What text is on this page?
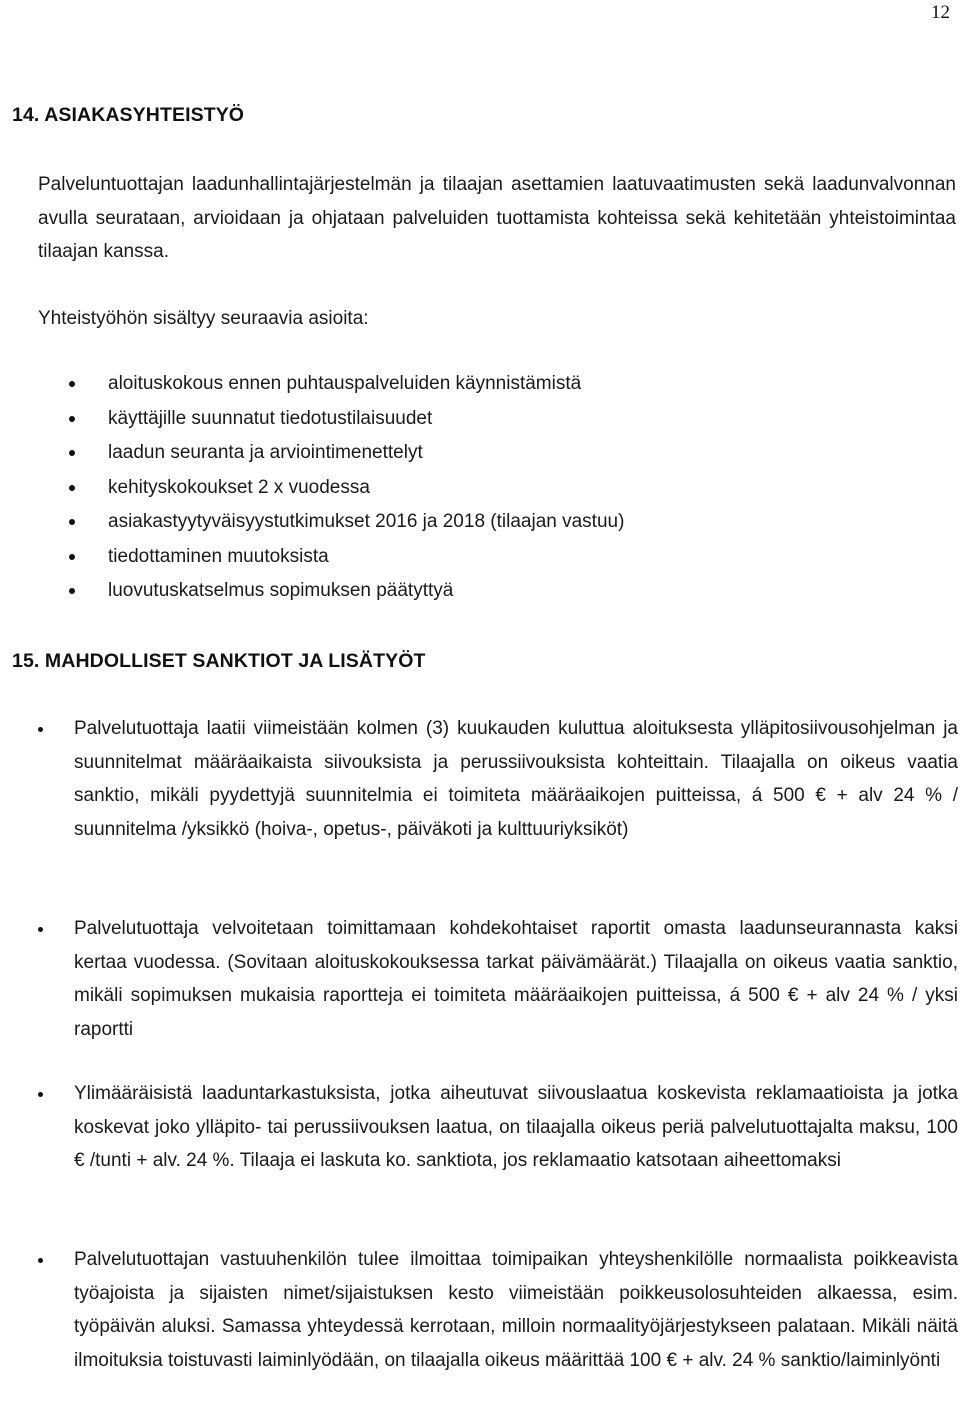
12
14. ASIAKASYHTEISTYÖ
Palveluntuottajan laadunhallintajärjestelmän ja tilaajan asettamien laatuvaatimusten sekä laadunvalvonnan avulla seurataan, arvioidaan ja ohjataan palveluiden tuottamista kohteissa sekä kehitetään yhteistoimintaa tilaajan kanssa.
Yhteistyöhön sisältyy seuraavia asioita:
aloituskokous ennen puhtauspalveluiden käynnistämistä
käyttäjille suunnatut tiedotustilaisuudet
laadun seuranta ja arviointimenettelyt
kehityskokoukset 2 x vuodessa
asiakastyytyväisyystutkimukset 2016 ja 2018 (tilaajan vastuu)
tiedottaminen muutoksista
luovutuskatselmus sopimuksen päätyttyä
15. MAHDOLLISET SANKTIOT JA LISÄTYÖT
Palvelutuottaja laatii viimeistään kolmen (3) kuukauden kuluttua aloituksesta ylläpitosiivousohjelman ja suunnitelmat määräaikaista siivouksista ja perussiivouksista kohteittain. Tilaajalla on oikeus vaatia sanktio, mikäli pyydettyjä suunnitelmia ei toimiteta määräaikojen puitteissa, á 500 € + alv 24 % / suunnitelma /yksikkö (hoiva-, opetus-, päiväkoti ja kulttuuriyksiköt)
Palvelutuottaja velvoitetaan toimittamaan kohdekohtaiset raportit omasta laadunseurannasta kaksi kertaa vuodessa. (Sovitaan aloituskokouksessa tarkat päivämäärät.) Tilaajalla on oikeus vaatia sanktio, mikäli sopimuksen mukaisia raportteja ei toimiteta määräaikojen puitteissa, á 500 € + alv 24 % / yksi raportti
Ylimääräisistä laaduntarkastuksista, jotka aiheutuvat siivouslaatua koskevista reklamaatioista ja jotka koskevat joko ylläpito- tai perussiivouksen laatua, on tilaajalla oikeus periä palvelutuottajalta maksu, 100 € /tunti + alv. 24 %. Tilaaja ei laskuta ko. sanktiota, jos reklamaatio katsotaan aiheettomaksi
Palvelutuottajan vastuuhenkilön tulee ilmoittaa toimipaikan yhteyshenkilölle normaalista poikkeavista työajoista ja sijaisten nimet/sijaistuksen kesto viimeistään poikkeusolosuhteiden alkaessa, esim. työpäivän aluksi. Samassa yhteydessä kerrotaan, milloin normaalityöjärjestykseen palataan. Mikäli näitä ilmoituksia toistuvasti laiminlyödään, on tilaajalla oikeus määrittää 100 € + alv. 24 % sanktio/laiminlyönti
